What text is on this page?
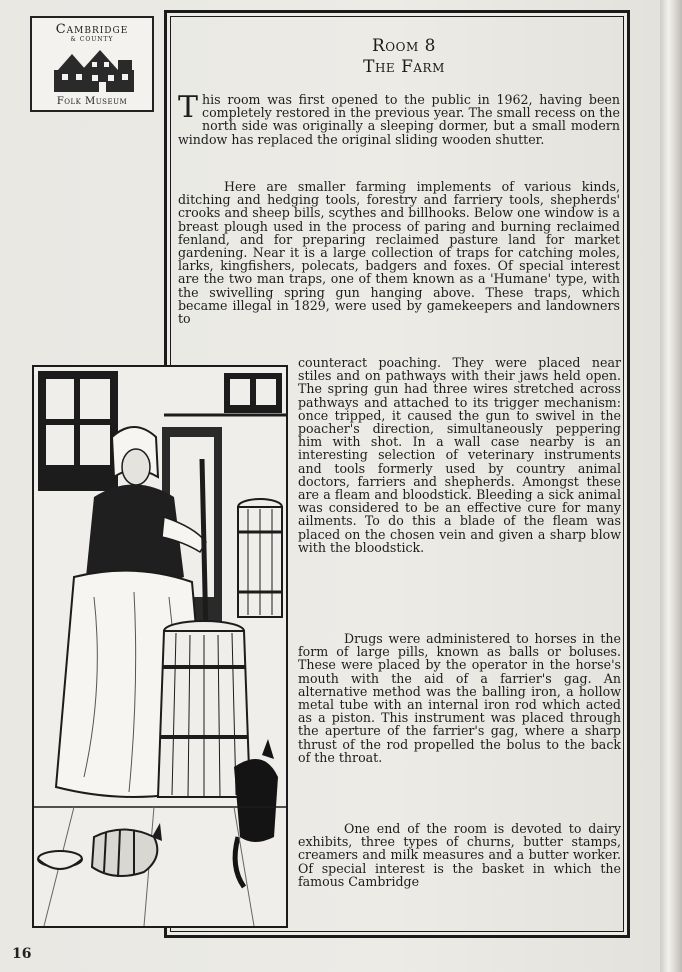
Cambridge
& COUNTY
Folk Museum
Room 8
The Farm
This room was first opened to the public in 1962, having been completely restored in the previous year. The small recess on the north side was originally a sleeping dormer, but a small modern window has replaced the original sliding wooden shutter.

Here are smaller farming implements of various kinds, ditching and hedging tools, forestry and farriery tools, shepherds' crooks and sheep bills, scythes and billhooks. Below one window is a breast plough used in the process of paring and burning reclaimed fenland, and for preparing reclaimed pasture land for market gardening. Near it is a large collection of traps for catching moles, larks, kingfishers, polecats, badgers and foxes. Of special interest are the two man traps, one of them known as a 'Humane' type, with the swivelling spring gun hanging above. These traps, which became illegal in 1829, were used by gamekeepers and landowners to

counteract poaching. They were placed near stiles and on pathways with their jaws held open. The spring gun had three wires stretched across pathways and attached to its trigger mechanism: once tripped, it caused the gun to swivel in the poacher's direction, simultaneously peppering him with shot. In a wall case nearby is an interesting selection of veterinary instruments and tools formerly used by country animal doctors, farriers and shepherds. Amongst these are a fleam and bloodstick. Bleeding a sick animal was considered to be an effective cure for many ailments. To do this a blade of the fleam was placed on the chosen vein and given a sharp blow with the bloodstick.

Drugs were administered to horses in the form of large pills, known as balls or boluses. These were placed by the operator in the horse's mouth with the aid of a farrier's gag. An alternative method was the balling iron, a hollow metal tube with an internal iron rod which acted as a piston. This instrument was placed through the aperture of the farrier's gag, where a sharp thrust of the rod propelled the bolus to the back of the throat.

One end of the room is devoted to dairy exhibits, three types of churns, butter stamps, creamers and milk measures and a butter worker. Of special interest is the basket in which the famous Cambridge

16
